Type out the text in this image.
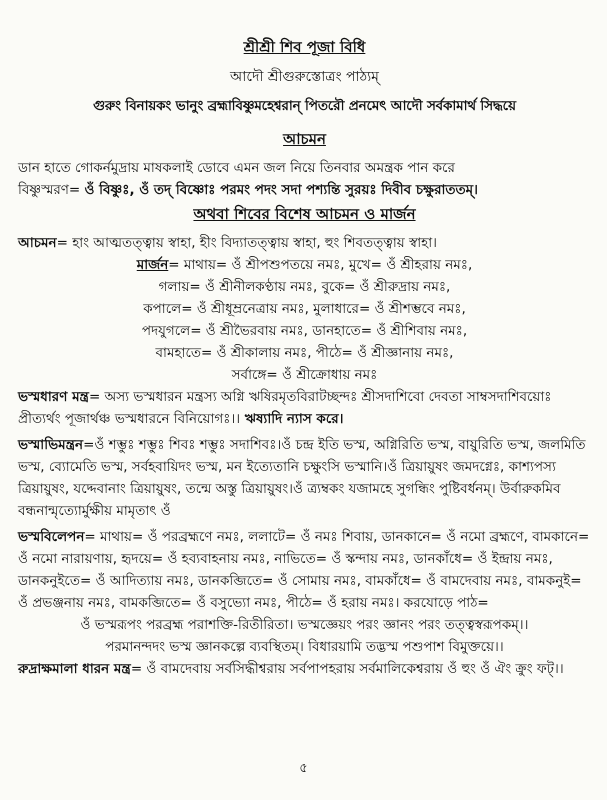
শ্রীশ্রী শিব পূজা বিধি
আদৌ শ্রীগুরুস্তোত্রং পাঠ্যম্
গুরুং বিনায়কং ভানুং ব্রহ্মাবিষ্ণুমহেশ্বরান্ পিতরৌ প্রনমেৎ আদৌ সর্বকামার্থ সিদ্ধয়ে
আচমন

ডান হাতে গোকর্নমুদ্রায় মাষকলাই ডোবে এমন জল নিয়ে তিনবার অমন্ত্রক পান করে

বিষ্ণুস্মরণ= ওঁ বিষ্ণুঃ, ওঁ তদ্ বিষ্ণোঃ পরমং পদং সদা পশ্যন্তি সুরয়ঃ দিবীব চক্ষুরাততম্।

অথবা শিবের বিশেষ আচমন ও মার্জন

আচমন= হাং আত্মতত্ত্বায় স্বাহা, হীং বিদ্যাতত্ত্বায় স্বাহা, হুং শিবতত্ত্বায় স্বাহা।

মার্জন= মাথায়= ওঁ শ্রীপশুপতয়ে নমঃ, মুখে= ওঁ শ্রীহরায় নমঃ,

গলায়= ওঁ শ্রীনীলকণ্ঠায় নমঃ, বুকে= ওঁ শ্রীরুদ্রায় নমঃ,

কপালে= ওঁ শ্রীধূম্রনেত্রায় নমঃ, মুলাধারে= ওঁ শ্রীশম্ভবে নমঃ,

পদযুগলে= ওঁ শ্রীভৈরবায় নমঃ, ডানহাতে= ওঁ শ্রীশিবায় নমঃ,

বামহাতে= ওঁ শ্রীকালায় নমঃ, পীঠে= ওঁ শ্রীজ্ঞানায় নমঃ,

সর্বাঙ্গে= ওঁ শ্রীক্রোধায় নমঃ

ভস্মধারণ মন্ত্র= অস্য ভস্মধারন মন্ত্রস্য অগ্নি ঋষিরমৃতবিরাটচ্ছন্দঃ শ্রীসদাশিবো দেবতা সাম্বসদাশিবয়োঃ প্রীত্যর্থং পূজার্থঞ্চ ভস্মধারনে বিনিয়োগঃ।। ঋষ্যাদি ন্যাস করে।

ভস্মাভিমন্ত্রন=ওঁ শম্ভুঃ শম্ভুঃ শিবঃ শম্ভুঃ সদাশিবঃ।ওঁ চন্দ্র ইতি ভস্ম, অগ্নিরিতি ভস্ম, বায়ুরিতি ভস্ম, জলমিতি ভস্ম, ব্যোমেতি ভস্ম, সর্বহবায়িদং ভস্ম, মন ইত্যেতানি চক্ষুংসি ভস্মানি।ওঁ ত্রিয়ায়ুষং জমদগ্নেঃ, কাশ্যপস্য ত্রিয়ায়ুষং, যদ্দেবানাং ত্রিয়ায়ুষং, তন্মে অস্তু ত্রিয়ায়ুষং।ওঁ ত্র্যম্বকং যজামহে সুগন্ধিং পুষ্টিবর্ধনম্। উর্বারুকমিব বন্ধনান্মৃত্যোর্মুক্ষীয় মামৃতাৎ ওঁ

ভস্মবিলেপন= মাথায়= ওঁ পরব্রহ্মণে নমঃ, ললাটে= ওঁ নমঃ শিবায়, ডানকানে= ওঁ নমো ব্রহ্মণে, বামকানে= ওঁ নমো নারায়ণায়, হৃদয়ে= ওঁ হব্যবাহনায় নমঃ, নাভিতে= ওঁ স্কন্দায় নমঃ, ডানকাঁধে= ওঁ ইন্দ্রায় নমঃ, ডানকনুইতে= ওঁ আদিত্যায় নমঃ, ডানকব্জিতে= ওঁ সোমায় নমঃ, বামকাঁধে= ওঁ বামদেবায় নমঃ, বামকনুই= ওঁ প্রভঞ্জনায় নমঃ, বামকব্জিতে= ওঁ বসুভ্যো নমঃ, পীঠে= ওঁ হরায় নমঃ। করযোড়ে পাঠ=

ওঁ ভস্মরূপং পরব্রহ্ম পরাশক্তি-রিতীরিতা। ভস্মজ্ঞেয়ং পরং জ্ঞানং পরং তত্ত্বস্বরূপকম্।।

পরমানন্দদং ভস্ম জ্ঞানকল্পে ব্যবস্থিতম্। বিধারয়ামি তদ্ভস্ম পশুপাশ বিমুক্তয়ে।।

রুদ্রাক্ষমালা ধারন মন্ত্র= ওঁ বামদেবায় সর্বসিদ্ধীশ্বরায় সর্বপাপহরায় সর্বমালিকেশ্বরায় ওঁ হুং ওঁ ঐং ক্রুং ফট্।।

৫
